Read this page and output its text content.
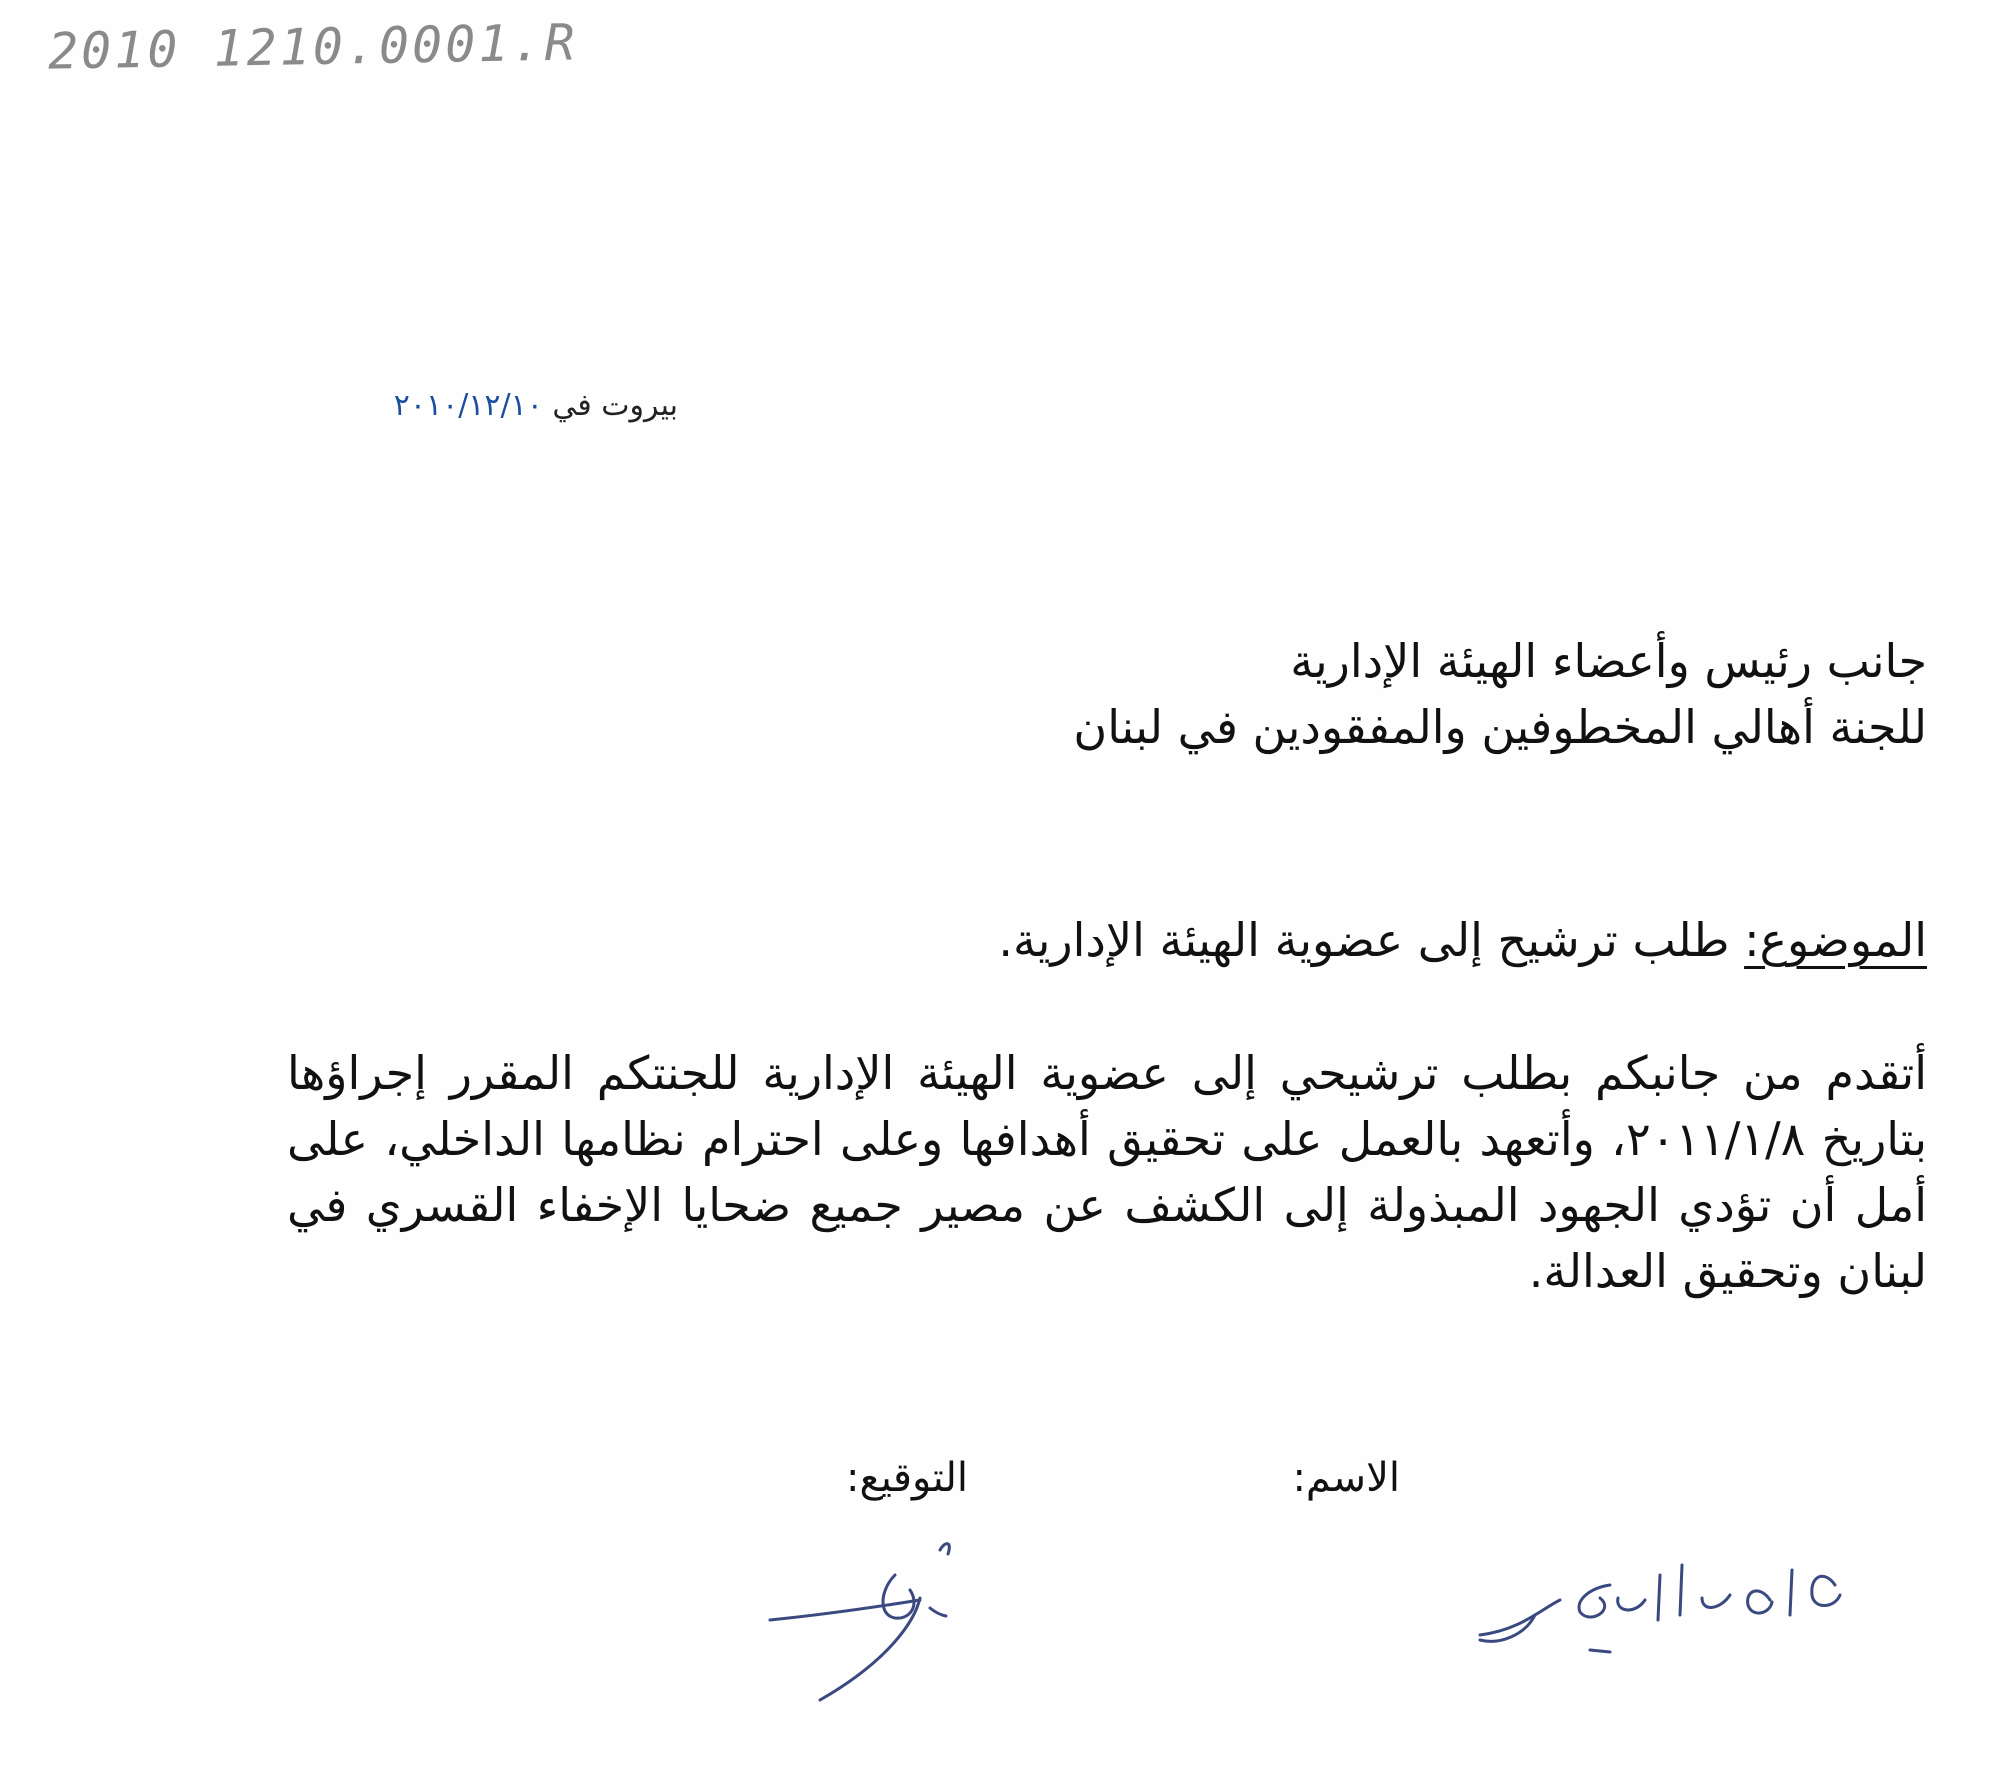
2010 1210.0001.R
بيروت في ٢٠١٠/١٢/١٠
جانب رئيس وأعضاء الهيئة الإدارية
للجنة أهالي المخطوفين والمفقودين في لبنان
الموضوع: طلب ترشيح إلى عضوية الهيئة الإدارية.

أتقدم من جانبكم بطلب ترشيحي إلى عضوية الهيئة الإدارية للجنتكم المقرر إجراؤها بتاريخ ٢٠١١/١/٨، وأتعهد بالعمل على تحقيق أهدافها وعلى احترام نظامها الداخلي، على أمل أن تؤدي الجهود المبذولة إلى الكشف عن مصير جميع ضحايا الإخفاء القسري في لبنان وتحقيق العدالة.

الاسم:
التوقيع:
